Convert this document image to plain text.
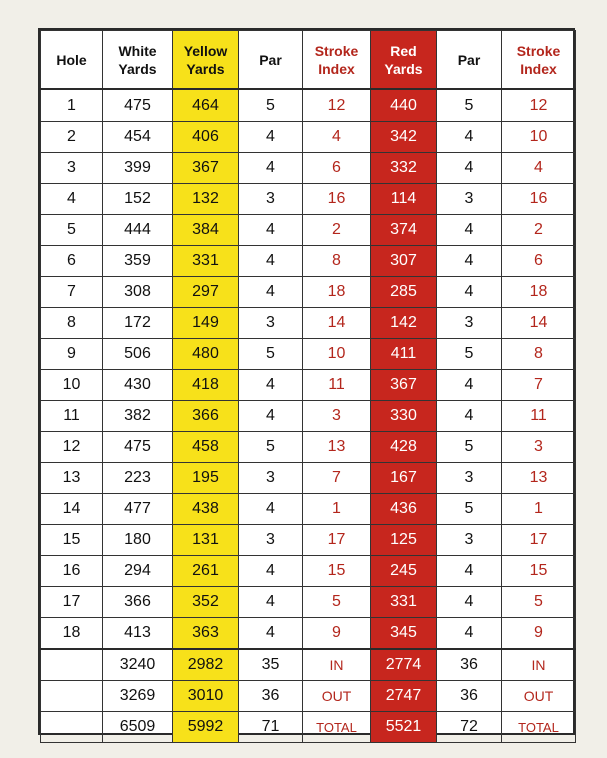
Hole	White Yards	Yellow Yards	Par	Stroke Index	Red Yards	Par	Stroke Index
1	475	464	5	12	440	5	12
2	454	406	4	4	342	4	10
3	399	367	4	6	332	4	4
4	152	132	3	16	114	3	16
5	444	384	4	2	374	4	2
6	359	331	4	8	307	4	6
7	308	297	4	18	285	4	18
8	172	149	3	14	142	3	14
9	506	480	5	10	411	5	8
10	430	418	4	11	367	4	7
11	382	366	4	3	330	4	11
12	475	458	5	13	428	5	3
13	223	195	3	7	167	3	13
14	477	438	4	1	436	5	1
15	180	131	3	17	125	3	17
16	294	261	4	15	245	4	15
17	366	352	4	5	331	4	5
18	413	363	4	9	345	4	9
	3240	2982	35	IN	2774	36	IN
	3269	3010	36	OUT	2747	36	OUT
	6509	5992	71	TOTAL	5521	72	TOTAL
